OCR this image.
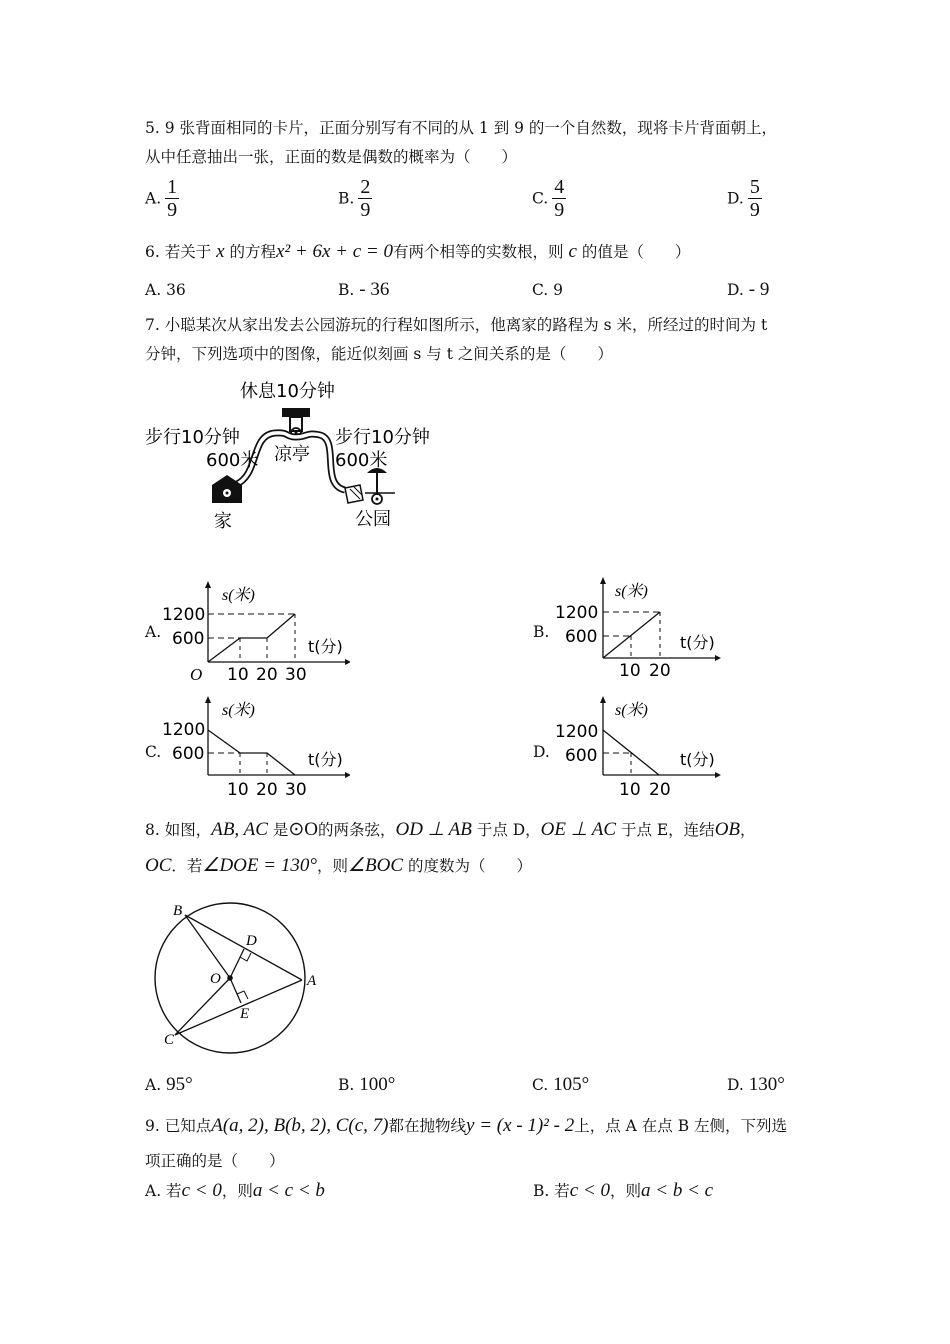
5. 9 张背面相同的卡片，正面分别写有不同的从 1 到 9 的一个自然数，现将卡片背面朝上，
从中任意抽出一张，正面的数是偶数的概率为（　　）
A. $\frac{1}{9}$	B. $\frac{2}{9}$	C. $\frac{4}{9}$	D. $\frac{5}{9}$
6. 若关于 x 的方程x² + 6x + c = 0有两个相等的实数根，则 c 的值是（　　）
A. 36	B. - 36	C. 9	D. - 9
7. 小聪某次从家出发去公园游玩的行程如图所示，他离家的路程为 s 米，所经过的时间为 t
分钟，下列选项中的图像，能近似刻画 s 与 t 之间关系的是（　　）
休息10分钟
步行10分钟
600米 凉亭
步行10分钟
600米
家	公园
A.
s(米)
1200
600	t(分)
O 10 20 30
B.
s(米)
1200
600	t(分)
10 20
C.
s(米)
1200
600	t(分)
10 20 30
D.
s(米)
1200
600	t(分)
10 20
8. 如图，AB, AC 是⊙O的两条弦，OD ⊥ AB 于点 D，OE ⊥ AC 于点 E，连结OB，
OC．若∠DOE = 130°，则∠BOC 的度数为（　　）
B
D
O	A
E
C
A. 95°	B. 100°	C. 105°	D. 130°
9. 已知点A(a, 2), B(b, 2), C(c, 7)都在抛物线y = (x - 1)² - 2上，点 A 在点 B 左侧，下列选
项正确的是（　　）
A. 若c < 0，则a < c < b	B. 若c < 0，则a < b < c
